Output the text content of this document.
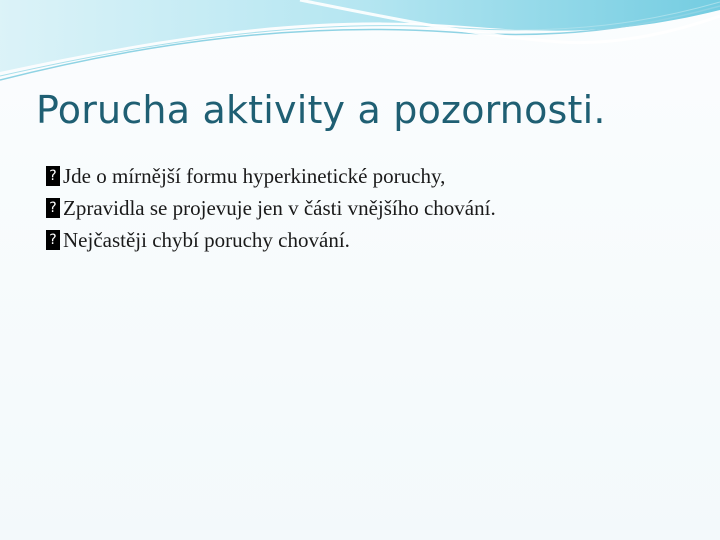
Porucha aktivity a pozornosti.
?
Jde o mírnější formu hyperkinetické poruchy,
?
Zpravidla se projevuje jen v části vnějšího chování.
?
Nejčastěji chybí poruchy chování.
